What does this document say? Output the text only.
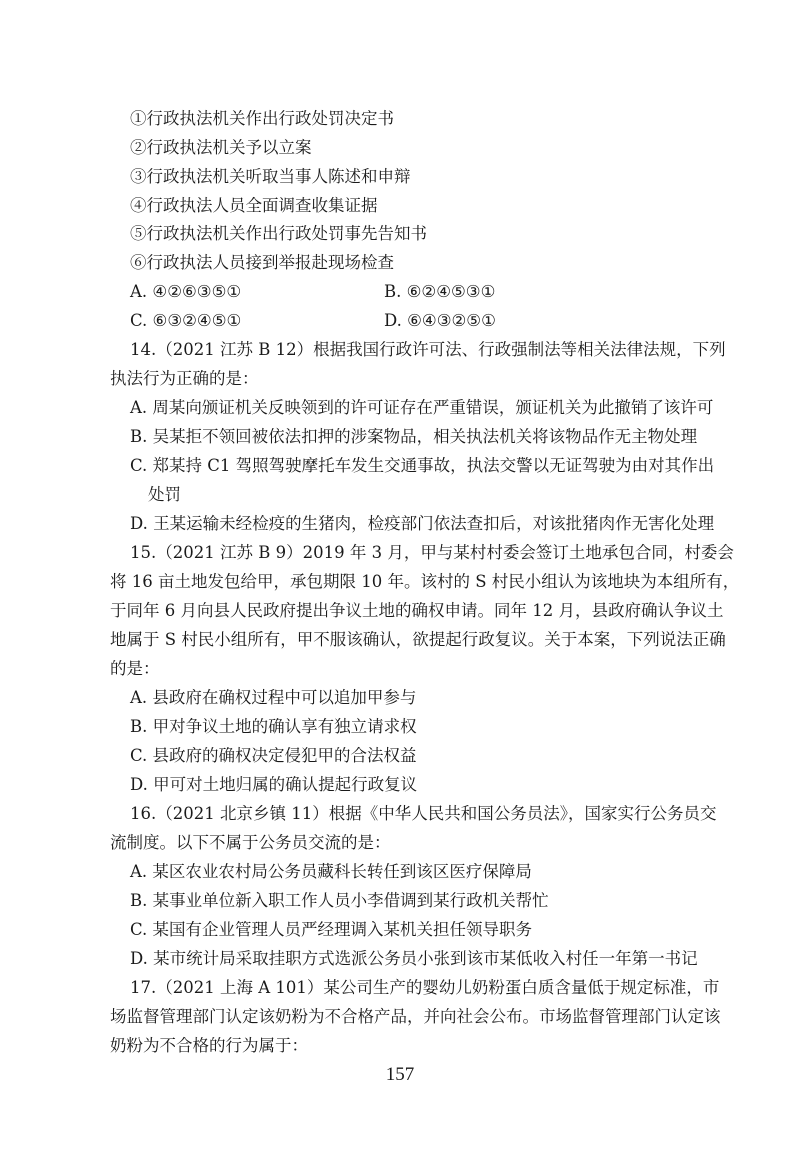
①行政执法机关作出行政处罚决定书
②行政执法机关予以立案
③行政执法机关听取当事人陈述和申辩
④行政执法人员全面调查收集证据
⑤行政执法机关作出行政处罚事先告知书
⑥行政执法人员接到举报赴现场检查
A. ④②⑥③⑤①	B. ⑥②④⑤③①
C. ⑥③②④⑤①	D. ⑥④③②⑤①
14.（2021 江苏 B 12）根据我国行政许可法、行政强制法等相关法律法规，下列
执法行为正确的是：
A. 周某向颁证机关反映领到的许可证存在严重错误，颁证机关为此撤销了该许可
B. 吴某拒不领回被依法扣押的涉案物品，相关执法机关将该物品作无主物处理
C. 郑某持 C1 驾照驾驶摩托车发生交通事故，执法交警以无证驾驶为由对其作出
处罚
D. 王某运输未经检疫的生猪肉，检疫部门依法查扣后，对该批猪肉作无害化处理
15.（2021 江苏 B 9）2019 年 3 月，甲与某村村委会签订土地承包合同，村委会
将 16 亩土地发包给甲，承包期限 10 年。该村的 S 村民小组认为该地块为本组所有，
于同年 6 月向县人民政府提出争议土地的确权申请。同年 12 月，县政府确认争议土
地属于 S 村民小组所有，甲不服该确认，欲提起行政复议。关于本案，下列说法正确
的是：
A. 县政府在确权过程中可以追加甲参与
B. 甲对争议土地的确认享有独立请求权
C. 县政府的确权决定侵犯甲的合法权益
D. 甲可对土地归属的确认提起行政复议
16.（2021 北京乡镇 11）根据《中华人民共和国公务员法》，国家实行公务员交
流制度。以下不属于公务员交流的是：
A. 某区农业农村局公务员藏科长转任到该区医疗保障局
B. 某事业单位新入职工作人员小李借调到某行政机关帮忙
C. 某国有企业管理人员严经理调入某机关担任领导职务
D. 某市统计局采取挂职方式选派公务员小张到该市某低收入村任一年第一书记
17.（2021 上海 A 101）某公司生产的婴幼儿奶粉蛋白质含量低于规定标准，市
场监督管理部门认定该奶粉为不合格产品，并向社会公布。市场监督管理部门认定该
奶粉为不合格的行为属于：
157
